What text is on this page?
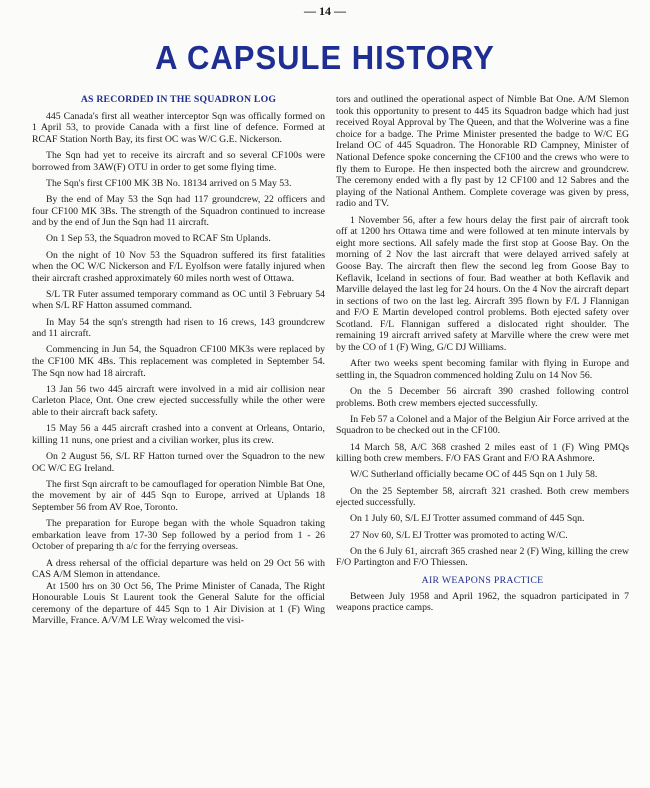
— 14 —
A CAPSULE HISTORY
AS RECORDED IN THE SQUADRON LOG

445 Canada's first all weather interceptor Sqn was offically formed on 1 April 53, to provide Canada with a first line of defence. Formed at RCAF Station North Bay, its first OC was W/C G.E. Nickerson.

The Sqn had yet to receive its aircraft and so several CF100s were borrowed from 3AW(F) OTU in order to get some flying time.

The Sqn's first CF100 MK 3B No. 18134 arrived on 5 May 53.

By the end of May 53 the Sqn had 117 groundcrew, 22 officers and four CF100 MK 3Bs. The strength of the Squadron continued to increase and by the end of Jun the Sqn had 11 aircraft.

On 1 Sep 53, the Squadron moved to RCAF Stn Uplands.

On the night of 10 Nov 53 the Squadron suffered its first fatalities when the OC W/C Nickerson and F/L Eyolfson were fatally injured when their aircraft crashed approximately 60 miles north west of Ottawa.

S/L TR Futer assumed temporary command as OC until 3 February 54 when S/L RF Hatton assumed command.

In May 54 the sqn's strength had risen to 16 crews, 143 groundcrew and 11 aircraft.

Commencing in Jun 54, the Squadron CF100 MK3s were replaced by the CF100 MK 4Bs. This replacement was completed in September 54. The Sqn now had 18 aircraft.

13 Jan 56 two 445 aircraft were involved in a mid air collision near Carleton Place, Ont. One crew ejected successfully while the other were able to their aircraft back safety.

15 May 56 a 445 aircraft crashed into a convent at Orleans, Ontario, killing 11 nuns, one priest and a civilian worker, plus its crew.

On 2 August 56, S/L RF Hatton turned over the Squadron to the new OC W/C EG Ireland.

The first Sqn aircraft to be camouflaged for operation Nimble Bat One, the movement by air of 445 Sqn to Europe, arrived at Uplands 18 September 56 from AV Roe, Toronto.

The preparation for Europe began with the whole Squadron taking embarkation leave from 17-30 Sep followed by a period from 1 - 26 October of preparing th a/c for the ferrying overseas.

A dress rehersal of the official departure was held on 29 Oct 56 with CAS A/M Slemon in attendance.

At 1500 hrs on 30 Oct 56, The Prime Minister of Canada, The Right Honourable Louis St Laurent took the General Salute for the official ceremony of the departure of 445 Sqn to 1 Air Division at 1 (F) Wing Marville, France. A/V/M LE Wray welcomed the visi-

tors and outlined the operational aspect of Nimble Bat One. A/M Slemon took this opportunity to present to 445 its Squadron badge which had just received Royal Approval by The Queen, and that the Wolverine was a fine choice for a badge. The Prime Minister presented the badge to W/C EG Ireland OC of 445 Squadron. The Honorable RD Campney, Minister of National Defence spoke concerning the CF100 and the crews who were to fly them to Europe. He then inspected both the aircrew and groundcrew. The ceremony ended with a fly past by 12 CF100 and 12 Sabres and the playing of the National Anthem. Complete coverage was given by press, radio and TV.

1 November 56, after a few hours delay the first pair of aircraft took off at 1200 hrs Ottawa time and were followed at ten minute intervals by eight more sections. All safely made the first stop at Goose Bay. On the morning of 2 Nov the last aircraft that were delayed arrived safely at Goose Bay. The aircraft then flew the second leg from Goose Bay to Keflavik, Iceland in sections of four. Bad weather at both Keflavik and Marville delayed the last leg for 24 hours. On the 4 Nov the aircraft depart in sections of two on the last leg. Aircraft 395 flown by F/L J Flannigan and F/O E Martin developed control problems. Both ejected safety over Scotland. F/L Flannigan suffered a dislocated right shoulder. The remaining 19 aircraft arrived safety at Marville where the crew were met by the CO of 1 (F) Wing, G/C DJ Williams.

After two weeks spent becoming familar with flying in Europe and settling in, the Squadron commenced holding Zulu on 14 Nov 56.

On the 5 December 56 aircraft 390 crashed following control problems. Both crew members ejected successfully.

In Feb 57 a Colonel and a Major of the Belgiun Air Force arrived at the Squadron to be checked out in the CF100.

14 March 58, A/C 368 crashed 2 miles east of 1 (F) Wing PMQs killing both crew members. F/O FAS Grant and F/O RA Ashmore.

W/C Sutherland officially became OC of 445 Sqn on 1 July 58.

On the 25 September 58, aircraft 321 crashed. Both crew members ejected successfully.

On 1 July 60, S/L EJ Trotter assumed command of 445 Sqn.

27 Nov 60, S/L EJ Trotter was promoted to acting W/C.

On the 6 July 61, aircraft 365 crashed near 2 (F) Wing, killing the crew F/O Partington and F/O Thiessen.

AIR WEAPONS PRACTICE

Between July 1958 and April 1962, the squadron participated in 7 weapons practice camps.
